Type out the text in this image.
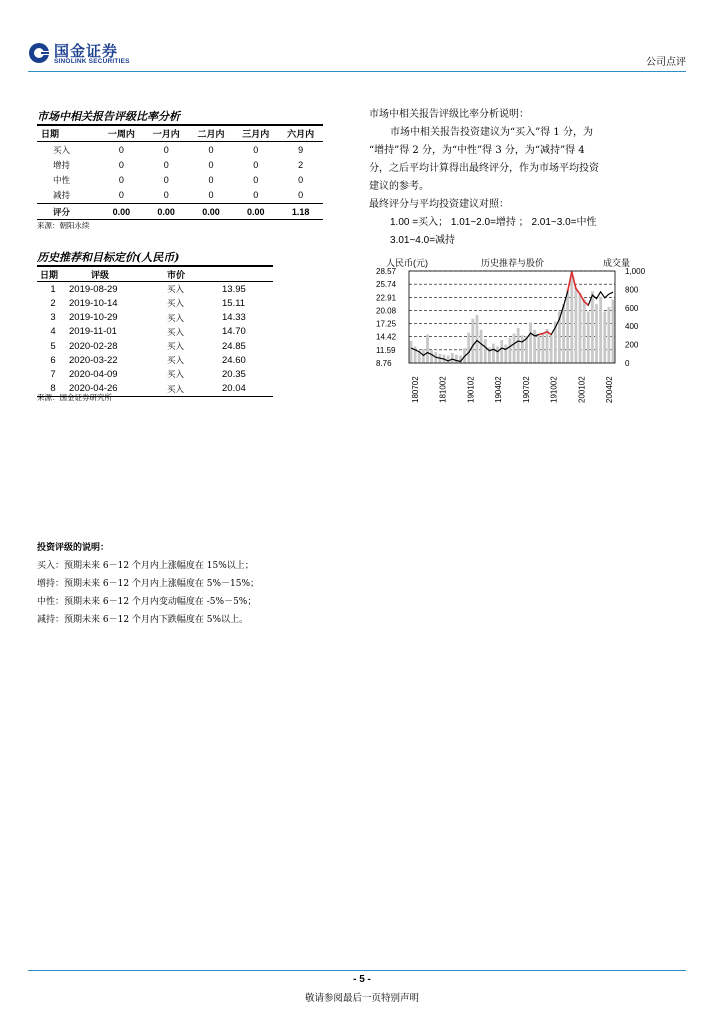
国金证券
SINOLINK SECURITIES	公司点评
市场中相关报告评级比率分析
日期	一周内	一月内	二月内	三月内	六月内
买入	0	0	0	0	9
增持	0	0	0	0	2
中性	0	0	0	0	0
减持	0	0	0	0	0
评分	0.00	0.00	0.00	0.00	1.18
来源：朝阳永续
历史推荐和目标定价(人民币)
日期	评级	市价	
1	2019-08-29	买入	13.95
2	2019-10-14	买入	15.11
3	2019-10-29	买入	14.33
4	2019-11-01	买入	14.70
5	2020-02-28	买入	24.85
6	2020-03-22	买入	24.60
7	2020-04-09	买入	20.35
8	2020-04-26	买入	20.04
来源：国金证券研究所
市场中相关报告评级比率分析说明：
市场中相关报告投资建议为“买入”得 1 分，为
“增持”得 2 分，为“中性”得 3 分，为“减持”得 4
分，之后平均计算得出最终评分，作为市场平均投资
建议的参考。
最终评分与平均投资建议对照：
1.00 =买入； 1.01~2.0=增持 ； 2.01~3.0=中性
3.01~4.0=减持
人民币(元)	历史推荐与股价	成交量
28.57
25.74
22.91
20.08
17.25
14.42
11.59
8.76
1,000
800
600
400
200
0
180702 181002 190102 190402 190702 191002 200102 200402
投资评级的说明：
买入：预期未来 6－12 个月内上涨幅度在 15%以上；
增持：预期未来 6－12 个月内上涨幅度在 5%－15%；
中性：预期未来 6－12 个月内变动幅度在 -5%－5%；
减持：预期未来 6－12 个月内下跌幅度在 5%以上。
- 5 -
敬请参阅最后一页特别声明
